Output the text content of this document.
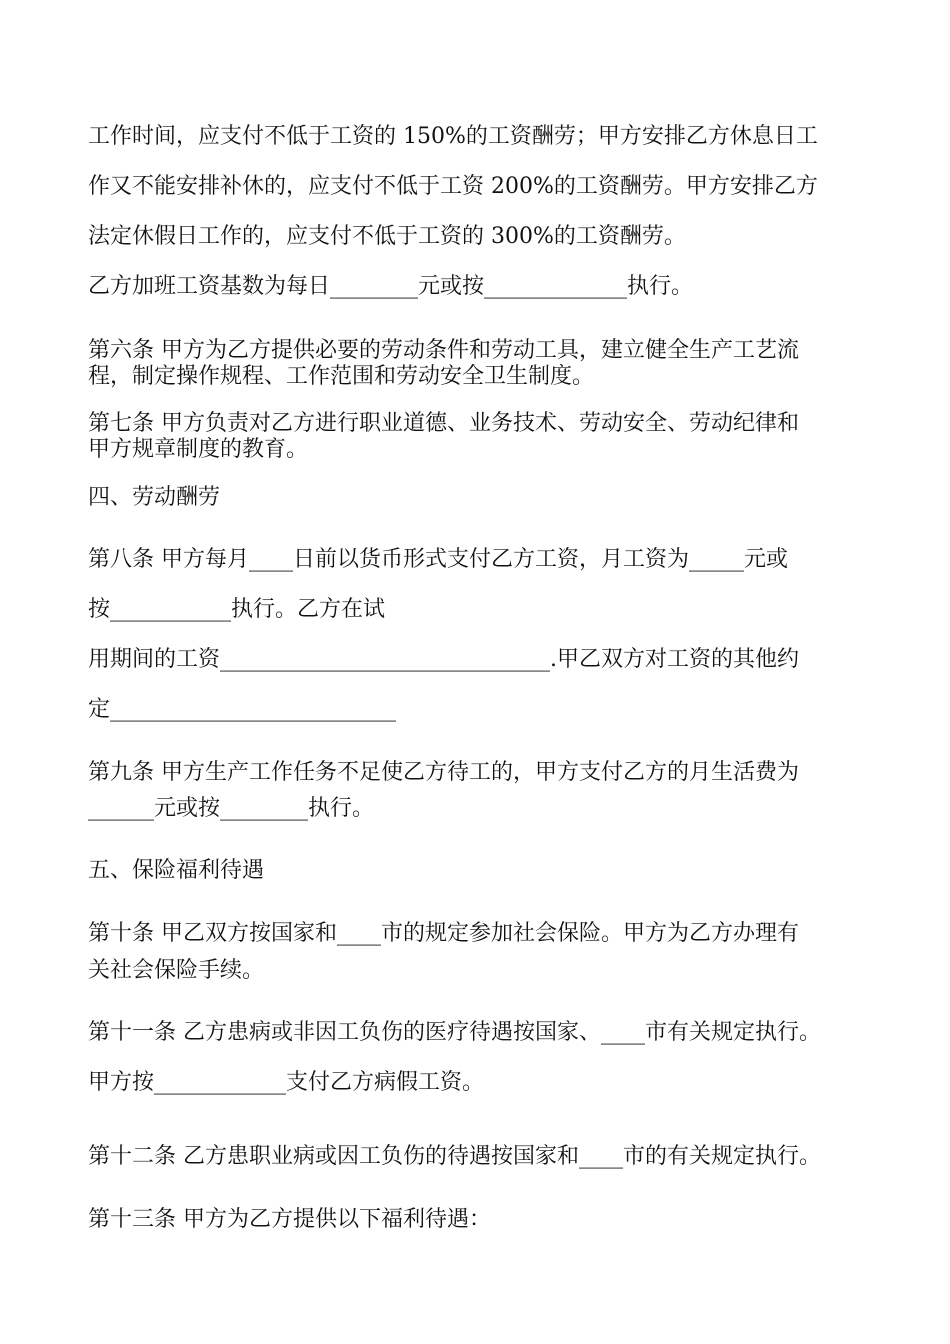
工作时间，应支付不低于工资的 150%的工资酬劳；甲方安排乙方休息日工
作又不能安排补休的，应支付不低于工资 200%的工资酬劳。甲方安排乙方
法定休假日工作的，应支付不低于工资的 300%的工资酬劳。
乙方加班工资基数为每日________元或按_____________执行。
第六条 甲方为乙方提供必要的劳动条件和劳动工具，建立健全生产工艺流
程，制定操作规程、工作范围和劳动安全卫生制度。
第七条 甲方负责对乙方进行职业道德、业务技术、劳动安全、劳动纪律和
甲方规章制度的教育。
四、劳动酬劳
第八条 甲方每月____日前以货币形式支付乙方工资，月工资为_____元或
按___________执行。乙方在试
用期间的工资______________________________.甲乙双方对工资的其他约
定__________________________
第九条 甲方生产工作任务不足使乙方待工的，甲方支付乙方的月生活费为
______元或按________执行。
五、保险福利待遇
第十条 甲乙双方按国家和____市的规定参加社会保险。甲方为乙方办理有
关社会保险手续。
第十一条 乙方患病或非因工负伤的医疗待遇按国家、____市有关规定执行。
甲方按____________支付乙方病假工资。
第十二条 乙方患职业病或因工负伤的待遇按国家和____市的有关规定执行。
第十三条 甲方为乙方提供以下福利待遇：
